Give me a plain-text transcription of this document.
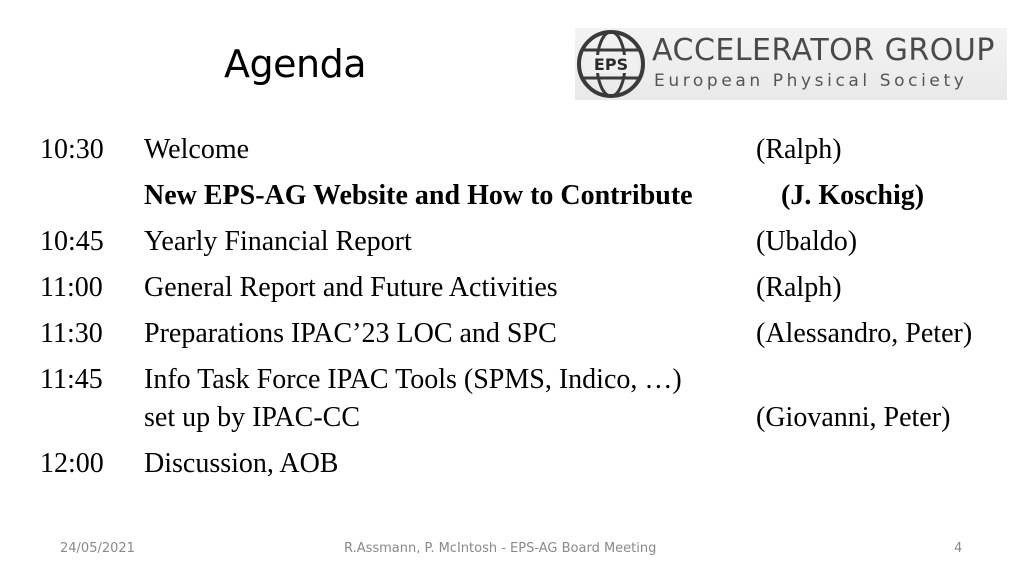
Agenda	EPS ACCELERATOR GROUP
European Physical Society
10:30 Welcome	(Ralph)
New EPS-AG Website and How to Contribute	(J. Koschig)
10:45 Yearly Financial Report	(Ubaldo)
11:00 General Report and Future Activities	(Ralph)
11:30 Preparations IPAC’23 LOC and SPC	(Alessandro, Peter)
11:45 Info Task Force IPAC Tools (SPMS, Indico, …)
set up by IPAC-CC	(Giovanni, Peter)
12:00 Discussion, AOB
24/05/2021	R.Assmann, P. McIntosh - EPS-AG Board Meeting	4
